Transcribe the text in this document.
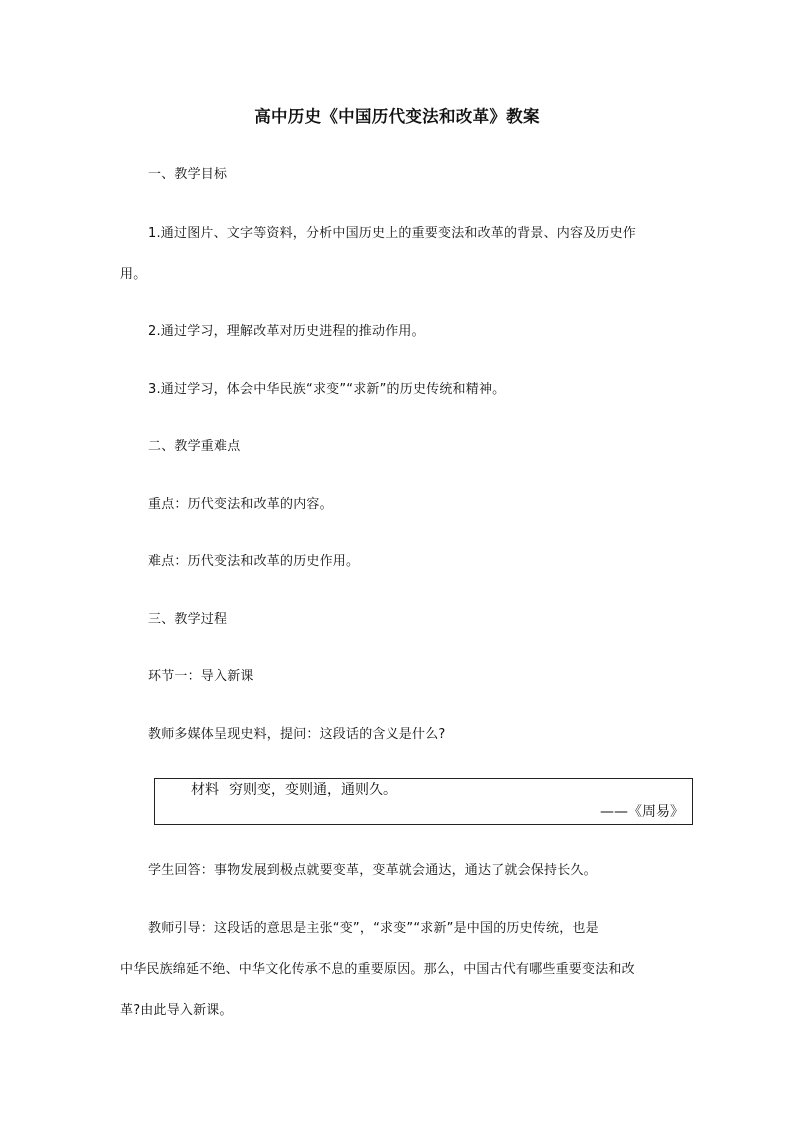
高中历史《中国历代变法和改革》教案

一、教学目标

1.通过图片、文字等资料，分析中国历史上的重要变法和改革的背景、内容及历史作

用。

2.通过学习，理解改革对历史进程的推动作用。

3.通过学习，体会中华民族“求变”“求新”的历史传统和精神。

二、教学重难点

重点：历代变法和改革的内容。

难点：历代变法和改革的历史作用。

三、教学过程

环节一：导入新课

教师多媒体呈现史料，提问：这段话的含义是什么?

材料 穷则变，变则通，通则久。
——《周易》

学生回答：事物发展到极点就要变革，变革就会通达，通达了就会保持长久。

教师引导：这段话的意思是主张“变”，“求变”“求新”是中国的历史传统，也是

中华民族绵延不绝、中华文化传承不息的重要原因。那么，中国古代有哪些重要变法和改

革?由此导入新课。
